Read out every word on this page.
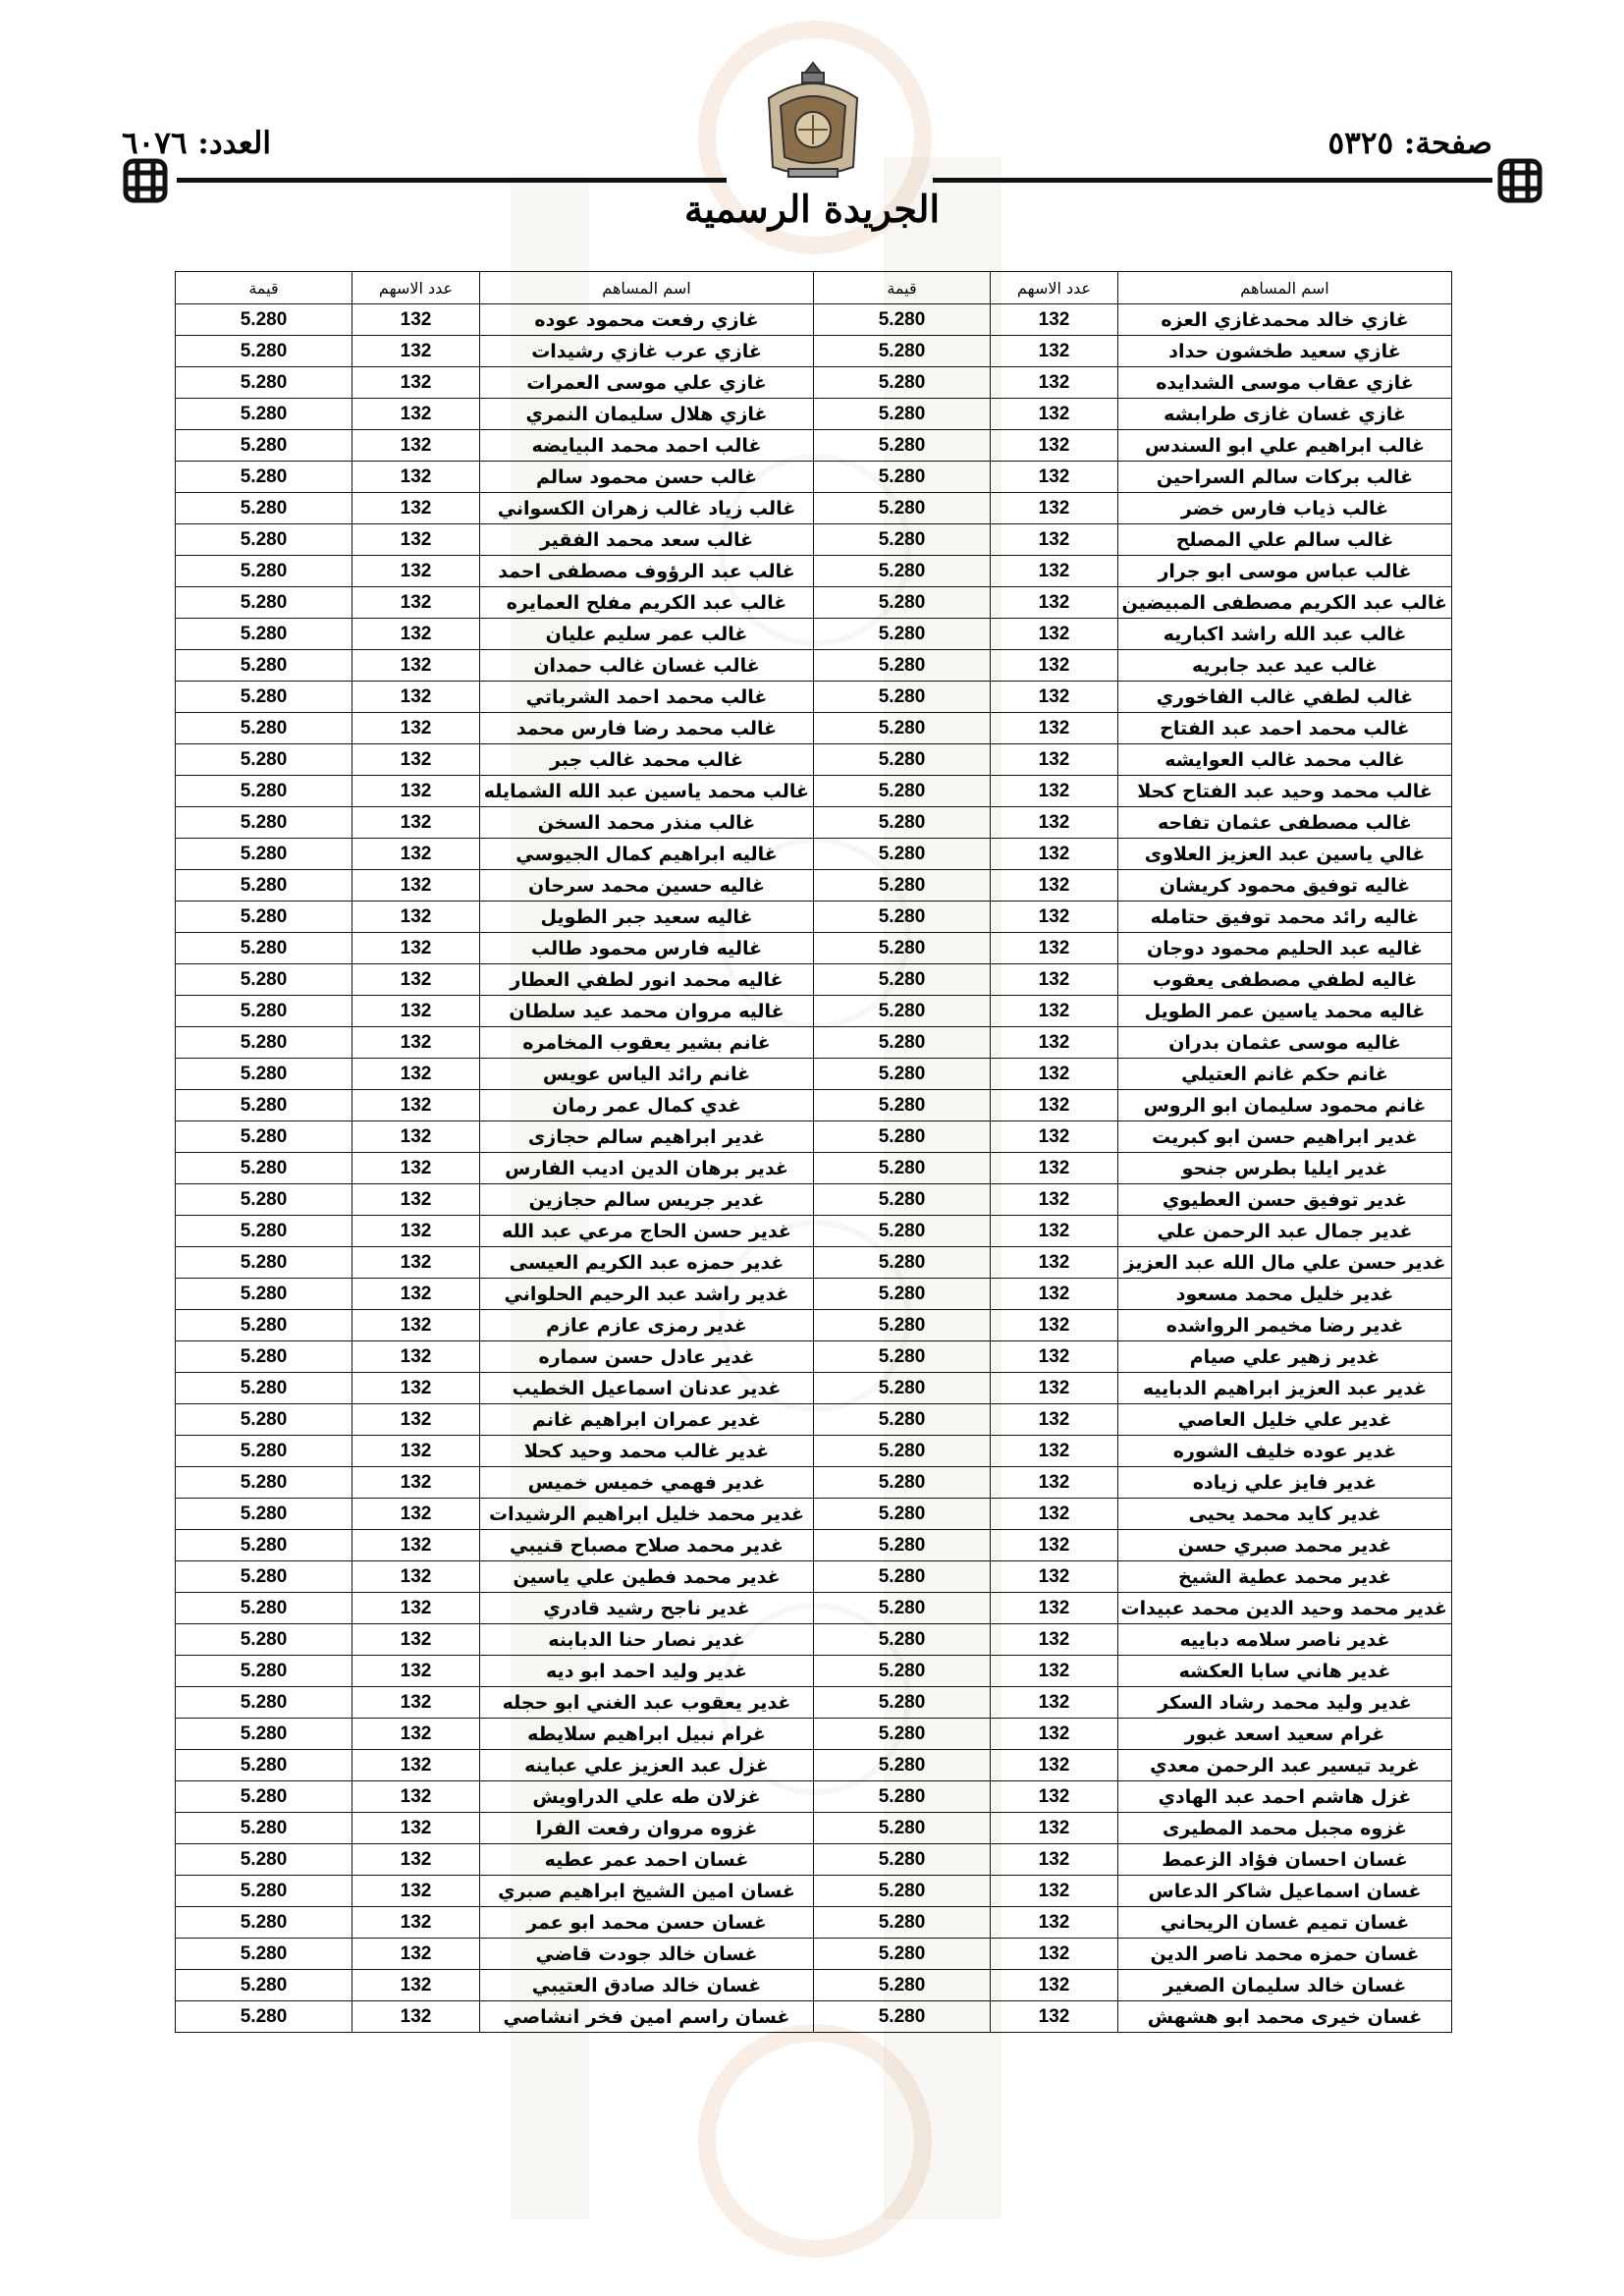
صفحة: ٥٣٢٥
العدد: ٦٠٧٦
الجريدة الرسمية
اسم المساهم	عدد الاسهم	قيمة	اسم المساهم	عدد الاسهم	قيمة
غازي خالد محمدغازي العزه	132	5.280	غازي رفعت محمود عوده	132	5.280
غازي سعيد طخشون حداد	132	5.280	غازي عرب غازي رشيدات	132	5.280
غازي عقاب موسى الشدايده	132	5.280	غازي علي موسى العمرات	132	5.280
غازي غسان غازى طرابشه	132	5.280	غازي هلال سليمان النمري	132	5.280
غالب ابراهيم علي ابو السندس	132	5.280	غالب احمد محمد البيايضه	132	5.280
غالب بركات سالم السراحين	132	5.280	غالب حسن محمود سالم	132	5.280
غالب ذياب فارس خضر	132	5.280	غالب زياد غالب زهران الكسواني	132	5.280
غالب سالم علي المصلح	132	5.280	غالب سعد محمد الفقير	132	5.280
غالب عباس موسى ابو جرار	132	5.280	غالب عبد الرؤوف مصطفى احمد	132	5.280
غالب عبد الكريم مصطفى المبيضين	132	5.280	غالب عبد الكريم مفلح العمايره	132	5.280
غالب عبد الله راشد اكباريه	132	5.280	غالب عمر سليم عليان	132	5.280
غالب عيد عبد جابريه	132	5.280	غالب غسان غالب حمدان	132	5.280
غالب لطفي غالب الفاخوري	132	5.280	غالب محمد احمد الشرباتي	132	5.280
غالب محمد احمد عبد الفتاح	132	5.280	غالب محمد رضا فارس محمد	132	5.280
غالب محمد غالب العوايشه	132	5.280	غالب محمد غالب جبر	132	5.280
غالب محمد وحيد عبد الفتاح كحلا	132	5.280	غالب محمد ياسين عبد الله الشمايله	132	5.280
غالب مصطفى عثمان تفاحه	132	5.280	غالب منذر محمد السخن	132	5.280
غالي ياسين عبد العزيز العلاوى	132	5.280	غاليه ابراهيم كمال الجيوسي	132	5.280
غاليه توفيق محمود كريشان	132	5.280	غاليه حسين محمد سرحان	132	5.280
غاليه رائد محمد توفيق حتامله	132	5.280	غاليه سعيد جبر الطويل	132	5.280
غاليه عبد الحليم محمود دوجان	132	5.280	غاليه فارس محمود طالب	132	5.280
غاليه لطفي مصطفى يعقوب	132	5.280	غاليه محمد انور لطفي العطار	132	5.280
غاليه محمد ياسين عمر الطويل	132	5.280	غاليه مروان محمد عيد سلطان	132	5.280
غاليه موسى عثمان بدران	132	5.280	غانم بشير يعقوب المخامره	132	5.280
غانم حكم غانم العتيلي	132	5.280	غانم رائد الياس عويس	132	5.280
غانم محمود سليمان ابو الروس	132	5.280	غدي كمال عمر رمان	132	5.280
غدير ابراهيم حسن ابو كبريت	132	5.280	غدير ابراهيم سالم حجازى	132	5.280
غدير ايليا بطرس جنحو	132	5.280	غدير برهان الدين اديب الفارس	132	5.280
غدير توفيق حسن العطيوي	132	5.280	غدير جريس سالم حجازين	132	5.280
غدير جمال عبد الرحمن علي	132	5.280	غدير حسن الحاج مرعي عبد الله	132	5.280
غدير حسن علي مال الله عبد العزيز	132	5.280	غدير حمزه عبد الكريم العيسى	132	5.280
غدير خليل محمد مسعود	132	5.280	غدير راشد عبد الرحيم الحلواني	132	5.280
غدير رضا مخيمر الرواشده	132	5.280	غدير رمزى عازم عازم	132	5.280
غدير زهير علي صيام	132	5.280	غدير عادل حسن سماره	132	5.280
غدير عبد العزيز ابراهيم الدباييه	132	5.280	غدير عدنان اسماعيل الخطيب	132	5.280
غدير علي خليل العاصي	132	5.280	غدير عمران ابراهيم غانم	132	5.280
غدير عوده خليف الشوره	132	5.280	غدير غالب محمد وحيد كحلا	132	5.280
غدير فايز علي زياده	132	5.280	غدير فهمي خميس خميس	132	5.280
غدير كايد محمد يحيى	132	5.280	غدير محمد خليل ابراهيم الرشيدات	132	5.280
غدير محمد صبري حسن	132	5.280	غدير محمد صلاح مصباح قنيبي	132	5.280
غدير محمد عطية الشيخ	132	5.280	غدير محمد فطين علي ياسين	132	5.280
غدير محمد وحيد الدين محمد عبيدات	132	5.280	غدير ناجح رشيد قادري	132	5.280
غدير ناصر سلامه دباييه	132	5.280	غدير نصار حنا الدبابنه	132	5.280
غدير هاني سابا العكشه	132	5.280	غدير وليد احمد ابو ديه	132	5.280
غدير وليد محمد رشاد السكر	132	5.280	غدير يعقوب عبد الغني ابو حجله	132	5.280
غرام سعيد اسعد غبور	132	5.280	غرام نبيل ابراهيم سلايطه	132	5.280
غريد تيسير عبد الرحمن معدي	132	5.280	غزل عبد العزيز علي عباينه	132	5.280
غزل هاشم احمد عبد الهادي	132	5.280	غزلان طه علي الدراويش	132	5.280
غزوه مجبل محمد المطيرى	132	5.280	غزوه مروان رفعت الفرا	132	5.280
غسان احسان فؤاد الزعمط	132	5.280	غسان احمد عمر عطيه	132	5.280
غسان اسماعيل شاكر الدعاس	132	5.280	غسان امين الشيخ ابراهيم صبري	132	5.280
غسان تميم غسان الريحاني	132	5.280	غسان حسن محمد ابو عمر	132	5.280
غسان حمزه محمد ناصر الدين	132	5.280	غسان خالد جودت قاضي	132	5.280
غسان خالد سليمان الصغير	132	5.280	غسان خالد صادق العتيبي	132	5.280
غسان خيرى محمد ابو هشهش	132	5.280	غسان راسم امين فخر انشاصي	132	5.280
